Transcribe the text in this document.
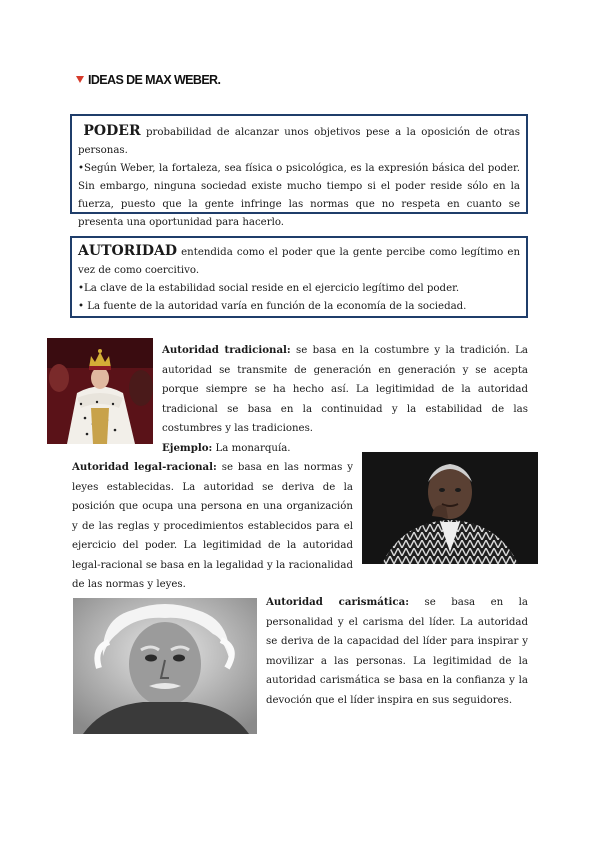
IDEAS DE MAX WEBER.

PODER probabilidad de alcanzar unos objetivos pese a la oposición de otras personas.

•Según Weber, la fortaleza, sea física o psicológica, es la expresión básica del poder. Sin embargo, ninguna sociedad existe mucho tiempo si el poder reside sólo en la fuerza, puesto que la gente infringe las normas que no respeta en cuanto se presenta una oportunidad para hacerlo.

AUTORIDAD entendida como el poder que la gente percibe como legítimo en vez de como coercitivo.

•La clave de la estabilidad social reside en el ejercicio legítimo del poder.

• La fuente de la autoridad varía en función de la economía de la sociedad.

Autoridad tradicional: se basa en la costumbre y la tradición. La autoridad se transmite de generación en generación y se acepta porque siempre se ha hecho así. La legitimidad de la autoridad tradicional se basa en la continuidad y la estabilidad de las costumbres y las tradiciones.
Ejemplo: La monarquía.
Autoridad legal-racional: se basa en las normas y leyes establecidas. La autoridad se deriva de la posición que ocupa una persona en una organización y de las reglas y procedimientos establecidos para el ejercicio del poder. La legitimidad de la autoridad legal-racional se basa en la legalidad y la racionalidad de las normas y leyes.
Autoridad carismática: se basa en la personalidad y el carisma del líder. La autoridad se deriva de la capacidad del líder para inspirar y movilizar a las personas. La legitimidad de la autoridad carismática se basa en la confianza y la devoción que el líder inspira en sus seguidores.
